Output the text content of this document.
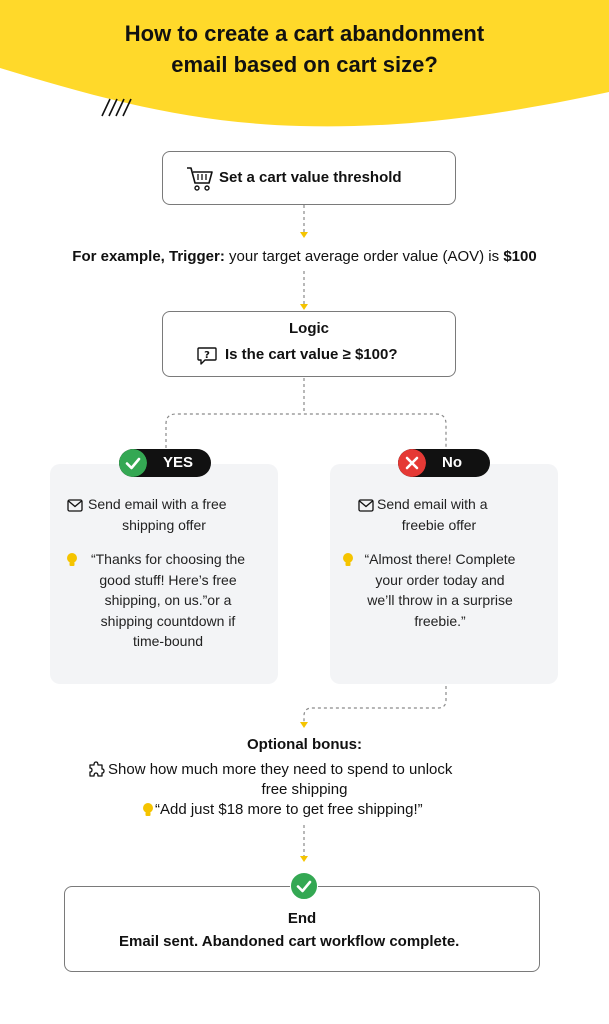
How to create a cart abandonment
email based on cart size?
Set a cart value threshold
For example, Trigger: your target average order value (AOV) is $100
Logic
? Is the cart value ≥ $100?
Send email with a free
shipping offer
“Thanks for choosing the
good stuff! Here’s free
shipping, on us.”or a
shipping countdown if
time-bound
YES
Send email with a
freebie offer
“Almost there! Complete
your order today and
we’ll throw in a surprise
freebie.”
No
Optional bonus:
Show how much more they need to spend to unlock
free shipping
“Add just $18 more to get free shipping!”
End
Email sent. Abandoned cart workflow complete.
